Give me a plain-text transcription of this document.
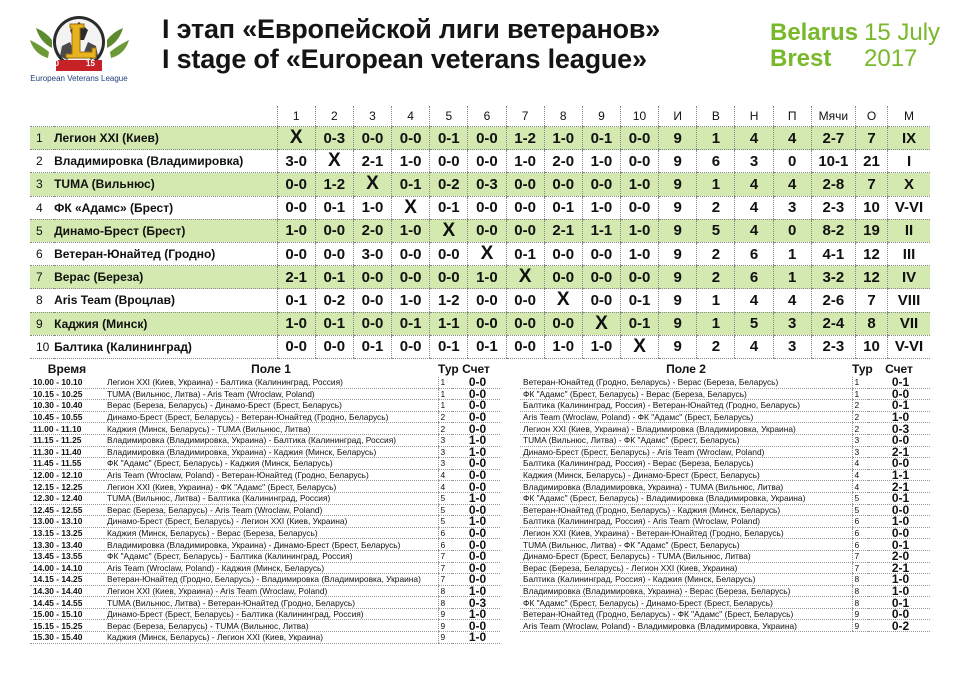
20	15
European Veterans League
I этап «Европейской лиги ветеранов»
I stage of «European veterans league»
Belarus
Brest
15 July
2017
		1	2	3	4	5	6	7	8	9	10	И	В	Н	П	Мячи	О	М
1	Легион XXI (Киев)	X	0-3	0-0	0-0	0-1	0-0	1-2	1-0	0-1	0-0	9	1	4	4	2-7	7	IX
2	Владимировка (Владимировка)	3-0	X	2-1	1-0	0-0	0-0	1-0	2-0	1-0	0-0	9	6	3	0	10-1	21	I
3	TUMA (Вильнюс)	0-0	1-2	X	0-1	0-2	0-3	0-0	0-0	0-0	1-0	9	1	4	4	2-8	7	X
4	ФК «Адамс» (Брест)	0-0	0-1	1-0	X	0-1	0-0	0-0	0-1	1-0	0-0	9	2	4	3	2-3	10	V-VI
5	Динамо-Брест (Брест)	1-0	0-0	2-0	1-0	X	0-0	0-0	2-1	1-1	1-0	9	5	4	0	8-2	19	II
6	Ветеран-Юнайтед (Гродно)	0-0	0-0	3-0	0-0	0-0	X	0-1	0-0	0-0	1-0	9	2	6	1	4-1	12	III
7	Верас (Береза)	2-1	0-1	0-0	0-0	0-0	1-0	X	0-0	0-0	0-0	9	2	6	1	3-2	12	IV
8	Aris Team (Вроцлав)	0-1	0-2	0-0	1-0	1-2	0-0	0-0	X	0-0	0-1	9	1	4	4	2-6	7	VIII
9	Каджия (Минск)	1-0	0-1	0-0	0-1	1-1	0-0	0-0	0-0	X	0-1	9	1	5	3	2-4	8	VII
10	Балтика (Калининград)	0-0	0-0	0-1	0-0	0-1	0-1	0-0	1-0	1-0	X	9	2	4	3	2-3	10	V-VI
Время	Поле 1	Тур	Счет
10.00 - 10.10	Легион XXI (Киев, Украина) - Балтика (Калининград, Россия)	1	0-0
10.15 - 10.25	TUMA (Вильнюс, Литва) - Aris Team (Wroclaw, Poland)	1	0-0
10.30 - 10.40	Верас (Береза, Беларусь) - Динамо-Брест (Брест, Беларусь)	1	0-0
10.45 - 10.55	Динамо-Брест (Брест, Беларусь) - Ветеран-Юнайтед (Гродно, Беларусь)	2	0-0
11.00 - 11.10	Каджия (Минск, Беларусь) - TUMA (Вильнюс, Литва)	2	0-0
11.15 - 11.25	Владимировка (Владимировка, Украина) - Балтика (Калининград, Россия)	3	1-0
11.30 - 11.40	Владимировка (Владимировка, Украина) - Каджия (Минск, Беларусь)	3	1-0
11.45 - 11.55	ФК "Адамс" (Брест, Беларусь) - Каджия (Минск, Беларусь)	3	0-0
12.00 - 12.10	Aris Team (Wroclaw, Poland) - Ветеран-Юнайтед (Гродно, Беларусь)	4	0-0
12.15 - 12.25	Легион XXI (Киев, Украина) - ФК "Адамс" (Брест, Беларусь)	4	0-0
12.30 - 12.40	TUMA (Вильнюс, Литва) - Балтика (Калининград, Россия)	5	1-0
12.45 - 12.55	Верас (Береза, Беларусь) - Aris Team (Wroclaw, Poland)	5	0-0
13.00 - 13.10	Динамо-Брест (Брест, Беларусь) - Легион XXI (Киев, Украина)	5	1-0
13.15 - 13.25	Каджия (Минск, Беларусь) - Верас (Береза, Беларусь)	6	0-0
13.30 - 13.40	Владимировка (Владимировка, Украина) - Динамо-Брест (Брест, Беларусь)	6	0-0
13.45 - 13.55	ФК "Адамс" (Брест, Беларусь) - Балтика (Калининград, Россия)	7	0-0
14.00 - 14.10	Aris Team (Wroclaw, Poland) - Каджия (Минск, Беларусь)	7	0-0
14.15 - 14.25	Ветеран-Юнайтед (Гродно, Беларусь) - Владимировка (Владимировка, Украина)	7	0-0
14.30 - 14.40	Легион XXI (Киев, Украина) - Aris Team (Wroclaw, Poland)	8	1-0
14.45 - 14.55	TUMA (Вильнюс, Литва) - Ветеран-Юнайтед (Гродно, Беларусь)	8	0-3
15.00 - 15.10	Динамо-Брест (Брест, Беларусь) - Балтика (Калининград, Россия)	9	1-0
15.15 - 15.25	Верас (Береза, Беларусь) - TUMA (Вильнюс, Литва)	9	0-0
15.30 - 15.40	Каджия (Минск, Беларусь) - Легион XXI (Киев, Украина)	9	1-0
Поле 2	Тур	Счет
Ветеран-Юнайтед (Гродно, Беларусь) - Верас (Береза, Беларусь)	1	0-1
ФК "Адамс" (Брест, Беларусь) - Верас (Береза, Беларусь)	1	0-0
Балтика (Калининград, Россия) - Ветеран-Юнайтед (Гродно, Беларусь)	2	0-1
Aris Team (Wroclaw, Poland) - ФК "Адамс" (Брест, Беларусь)	2	1-0
Легион XXI (Киев, Украина) - Владимировка (Владимировка, Украина)	2	0-3
TUMA (Вильнюс, Литва) - ФК "Адамс" (Брест, Беларусь)	3	0-0
Динамо-Брест (Брест, Беларусь) - Aris Team (Wroclaw, Poland)	3	2-1
Балтика (Калининград, Россия) - Верас (Береза, Беларусь)	4	0-0
Каджия (Минск, Беларусь) - Динамо-Брест (Брест, Беларусь)	4	1-1
Владимировка (Владимировка, Украина) - TUMA (Вильнюс, Литва)	4	2-1
ФК "Адамс" (Брест, Беларусь) - Владимировка (Владимировка, Украина)	5	0-1
Ветеран-Юнайтед (Гродно, Беларусь) - Каджия (Минск, Беларусь)	5	0-0
Балтика (Калининград, Россия) - Aris Team (Wroclaw, Poland)	6	1-0
Легион XXI (Киев, Украина) - Ветеран-Юнайтед (Гродно, Беларусь)	6	0-0
TUMA (Вильнюс, Литва) - ФК "Адамс" (Брест, Беларусь)	6	0-1
Динамо-Брест (Брест, Беларусь) - TUMA (Вильнюс, Литва)	7	2-0
Верас (Береза, Беларусь) - Легион XXI (Киев, Украина)	7	2-1
Балтика (Калининград, Россия) - Каджия (Минск, Беларусь)	8	1-0
Владимировка (Владимировка, Украина) - Верас (Береза, Беларусь)	8	1-0
ФК "Адамс" (Брест, Беларусь) - Динамо-Брест (Брест, Беларусь)	8	0-1
Ветеран-Юнайтед (Гродно, Беларусь) - ФК "Адамс" (Брест, Беларусь)	9	0-0
Aris Team (Wroclaw, Poland) - Владимировка (Владимировка, Украина)	9	0-2
